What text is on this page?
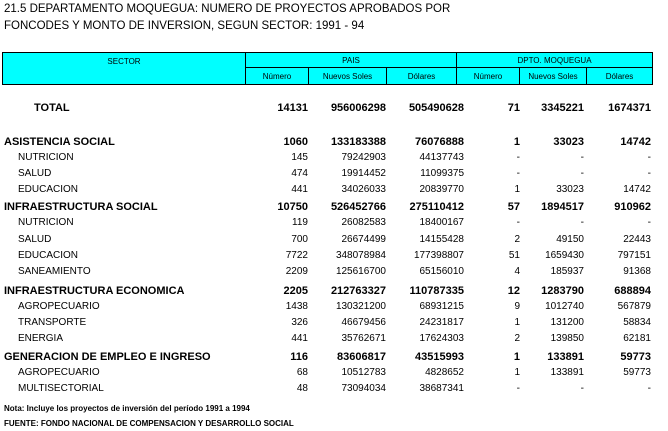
21.5 DEPARTAMENTO MOQUEGUA: NUMERO DE PROYECTOS APROBADOS POR
FONCODES Y MONTO DE INVERSION, SEGUN SECTOR: 1991 - 94
SECTOR	PAIS	DPTO. MOQUEGUA
Número	Nuevos Soles	Dólares	Número	Nuevos Soles	Dólares
TOTAL	14131	956006298	505490628	71	3345221	1674371
ASISTENCIA SOCIAL	1060	133183388	76076888	1	33023	14742
NUTRICION	145	79242903	44137743	-	-	-
SALUD	474	19914452	11099375	-	-	-
EDUCACION	441	34026033	20839770	1	33023	14742
INFRAESTRUCTURA SOCIAL	10750	526452766	275110412	57	1894517	910962
NUTRICION	119	26082583	18400167	-	-	-
SALUD	700	26674499	14155428	2	49150	22443
EDUCACION	7722	348078984	177398807	51	1659430	797151
SANEAMIENTO	2209	125616700	65156010	4	185937	91368
INFRAESTRUCTURA ECONOMICA	2205	212763327	110787335	12	1283790	688894
AGROPECUARIO	1438	130321200	68931215	9	1012740	567879
TRANSPORTE	326	46679456	24231817	1	131200	58834
ENERGIA	441	35762671	17624303	2	139850	62181
GENERACION DE EMPLEO E INGRESO	116	83606817	43515993	1	133891	59773
AGROPECUARIO	68	10512783	4828652	1	133891	59773
MULTISECTORIAL	48	73094034	38687341	-	-	-
Nota: Incluye los proyectos de inversión del período 1991 a 1994
FUENTE: FONDO NACIONAL DE COMPENSACION Y DESARROLLO SOCIAL
